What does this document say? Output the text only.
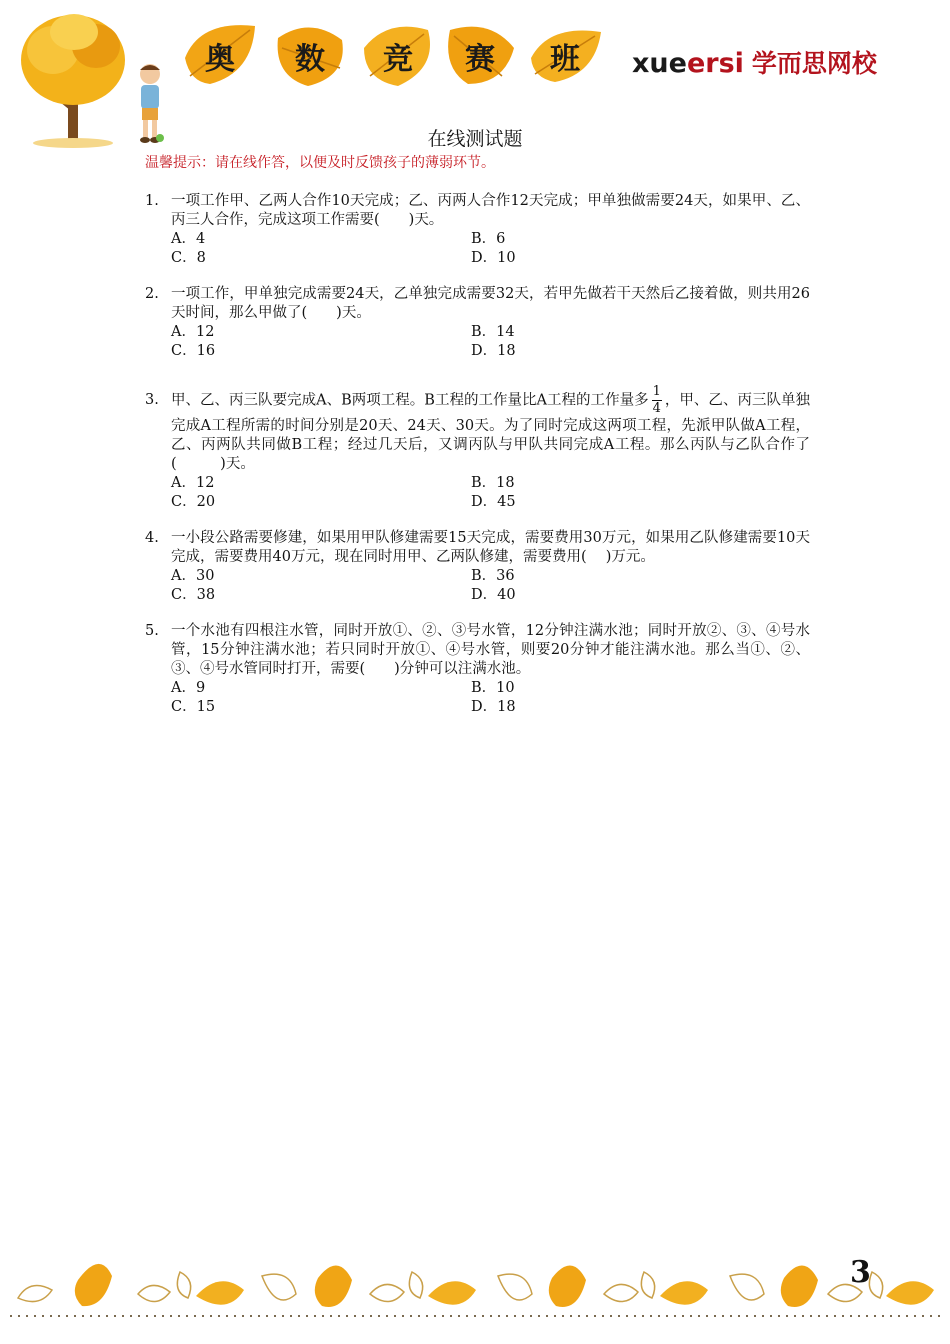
奥	数	竞	赛	班	xueersi 学而思网校
在线测试题
温馨提示：请在线作答，以便及时反馈孩子的薄弱环节。
1. 一项工作甲、乙两人合作10天完成；乙、丙两人合作12天完成；甲单独做需要24天，如果甲、乙、丙三人合作，完成这项工作需要(　　)天。
A．4	B．6
C．8	D．10
2. 一项工作，甲单独完成需要24天，乙单独完成需要32天，若甲先做若干天然后乙接着做，则共用26天时间，那么甲做了(　　)天。
A．12	B．14
C．16	D．18
3. 甲、乙、丙三队要完成A、B两项工程。B工程的工作量比A工程的工作量多 $\frac{1}{4}$ ，甲、乙、丙三队单独完成A工程所需的时间分别是20天、24天、30天。为了同时完成这两项工程，先派甲队做A工程，乙、丙两队共同做B工程；经过几天后，又调丙队与甲队共同完成A工程。那么丙队与乙队合作了(　　　)天。
A．12	B．18
C．20	D．45
4. 一小段公路需要修建，如果用甲队修建需要15天完成，需要费用30万元，如果用乙队修建需要10天完成，需要费用40万元，现在同时用甲、乙两队修建，需要费用(　 )万元。
A．30	B．36
C．38	D．40
5. 一个水池有四根注水管，同时开放①、②、③号水管，12分钟注满水池；同时开放②、③、④号水管，15分钟注满水池；若只同时开放①、④号水管，则要20分钟才能注满水池。那么当①、②、③、④号水管同时打开，需要(　　)分钟可以注满水池。
A．9	B．10
C．15	D．18
3
